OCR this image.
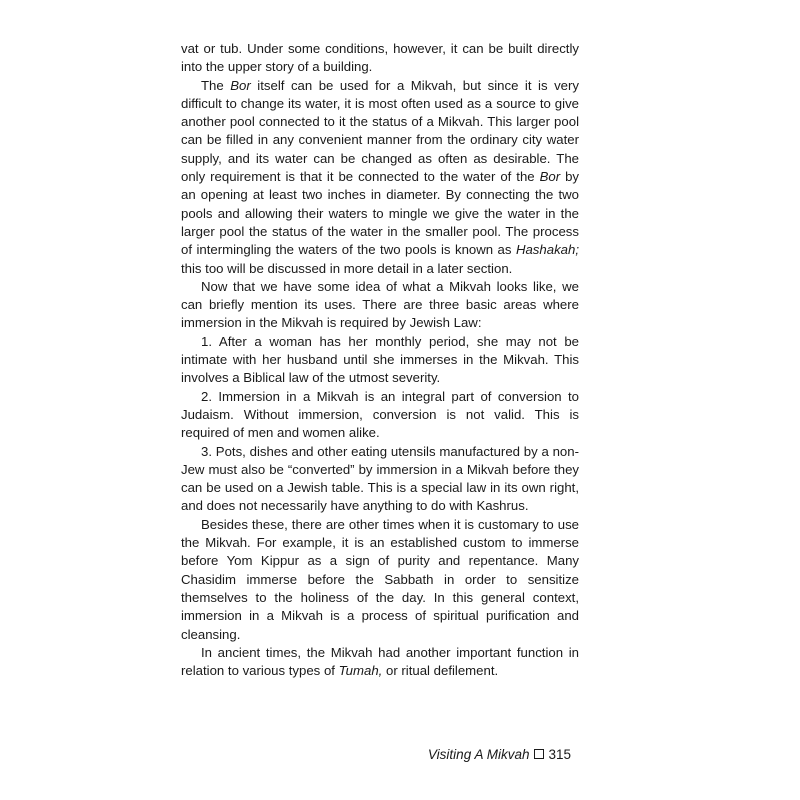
vat or tub. Under some conditions, however, it can be built directly into the upper story of a building.

The Bor itself can be used for a Mikvah, but since it is very difficult to change its water, it is most often used as a source to give another pool connected to it the status of a Mikvah. This larger pool can be filled in any convenient manner from the ordinary city water supply, and its water can be changed as often as desirable. The only requirement is that it be connected to the water of the Bor by an opening at least two inches in diameter. By connecting the two pools and allowing their waters to mingle we give the water in the larger pool the status of the water in the smaller pool. The process of intermingling the waters of the two pools is known as Hashakah; this too will be discussed in more detail in a later section.

Now that we have some idea of what a Mikvah looks like, we can briefly mention its uses. There are three basic areas where immersion in the Mikvah is required by Jewish Law:

1. After a woman has her monthly period, she may not be intimate with her husband until she immerses in the Mikvah. This involves a Biblical law of the utmost severity.

2. Immersion in a Mikvah is an integral part of conversion to Judaism. Without immersion, conversion is not valid. This is required of men and women alike.

3. Pots, dishes and other eating utensils manufactured by a non-Jew must also be “converted” by immersion in a Mikvah before they can be used on a Jewish table. This is a special law in its own right, and does not necessarily have anything to do with Kashrus.

Besides these, there are other times when it is customary to use the Mikvah. For example, it is an established custom to immerse before Yom Kippur as a sign of purity and repentance. Many Chasidim immerse before the Sabbath in order to sensitize themselves to the holiness of the day. In this general context, immersion in a Mikvah is a process of spiritual purification and cleansing.

In ancient times, the Mikvah had another important function in relation to various types of Tumah, or ritual defilement.

Visiting A Mikvah 315
